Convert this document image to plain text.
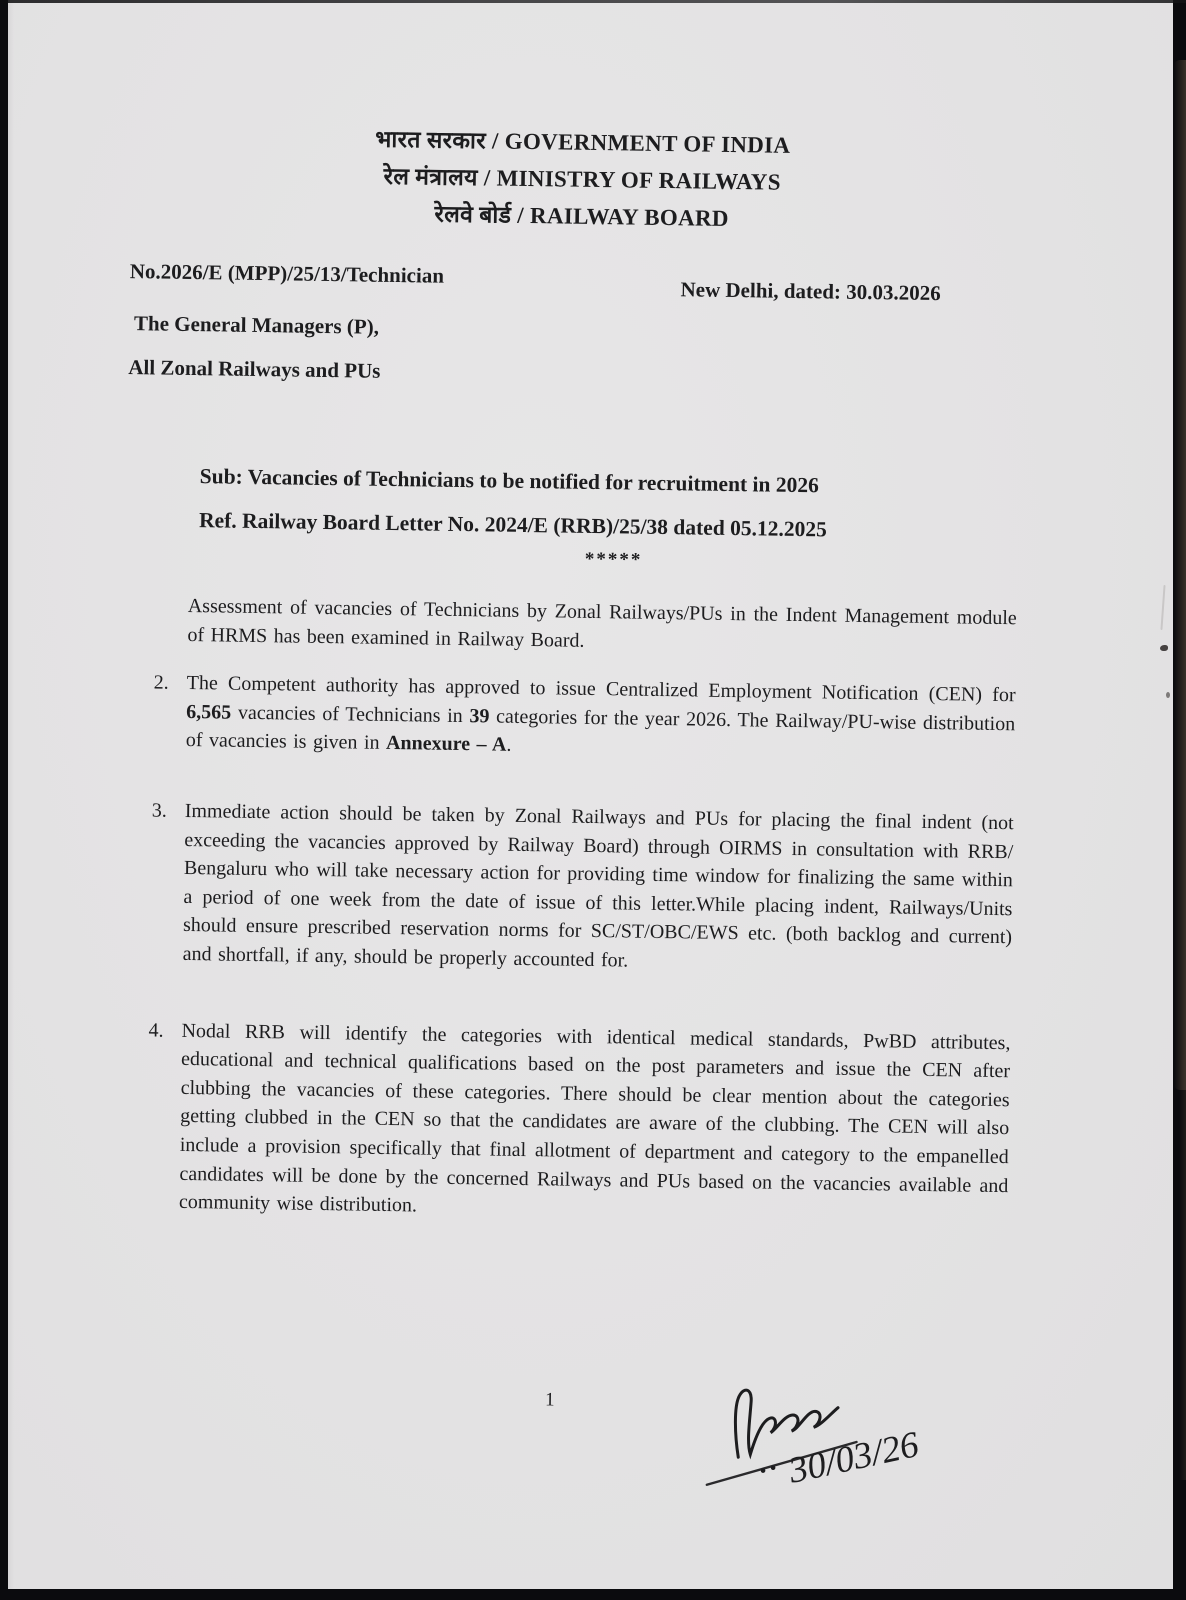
भारत सरकार / GOVERNMENT OF INDIA
रेल मंत्रालय / MINISTRY OF RAILWAYS
रेलवे बोर्ड / RAILWAY BOARD
No.2026/E (MPP)/25/13/Technician
New Delhi, dated: 30.03.2026
The General Managers (P),
All Zonal Railways and PUs
Sub: Vacancies of Technicians to be notified for recruitment in 2026
Ref. Railway Board Letter No. 2024/E (RRB)/25/38 dated 05.12.2025
*****

Assessment of vacancies of Technicians by Zonal Railways/PUs in the Indent Management module of HRMS has been examined in Railway Board.

2. The Competent authority has approved to issue Centralized Employment Notification (CEN) for 6,565 vacancies of Technicians in 39 categories for the year 2026. The Railway/PU-wise distribution of vacancies is given in Annexure – A.

3. Immediate action should be taken by Zonal Railways and PUs for placing the final indent (not exceeding the vacancies approved by Railway Board) through OIRMS in consultation with RRB/ Bengaluru who will take necessary action for providing time window for finalizing the same within a period of one week from the date of issue of this letter.While placing indent, Railways/Units should ensure prescribed reservation norms for SC/ST/OBC/EWS etc. (both backlog and current) and shortfall, if any, should be properly accounted for.

4. Nodal RRB will identify the categories with identical medical standards, PwBD attributes, educational and technical qualifications based on the post parameters and issue the CEN after clubbing the vacancies of these categories. There should be clear mention about the categories getting clubbed in the CEN so that the candidates are aware of the clubbing. The CEN will also include a provision specifically that final allotment of department and category to the empanelled candidates will be done by the concerned Railways and PUs based on the vacancies available and community wise distribution.

1
30/03/26
